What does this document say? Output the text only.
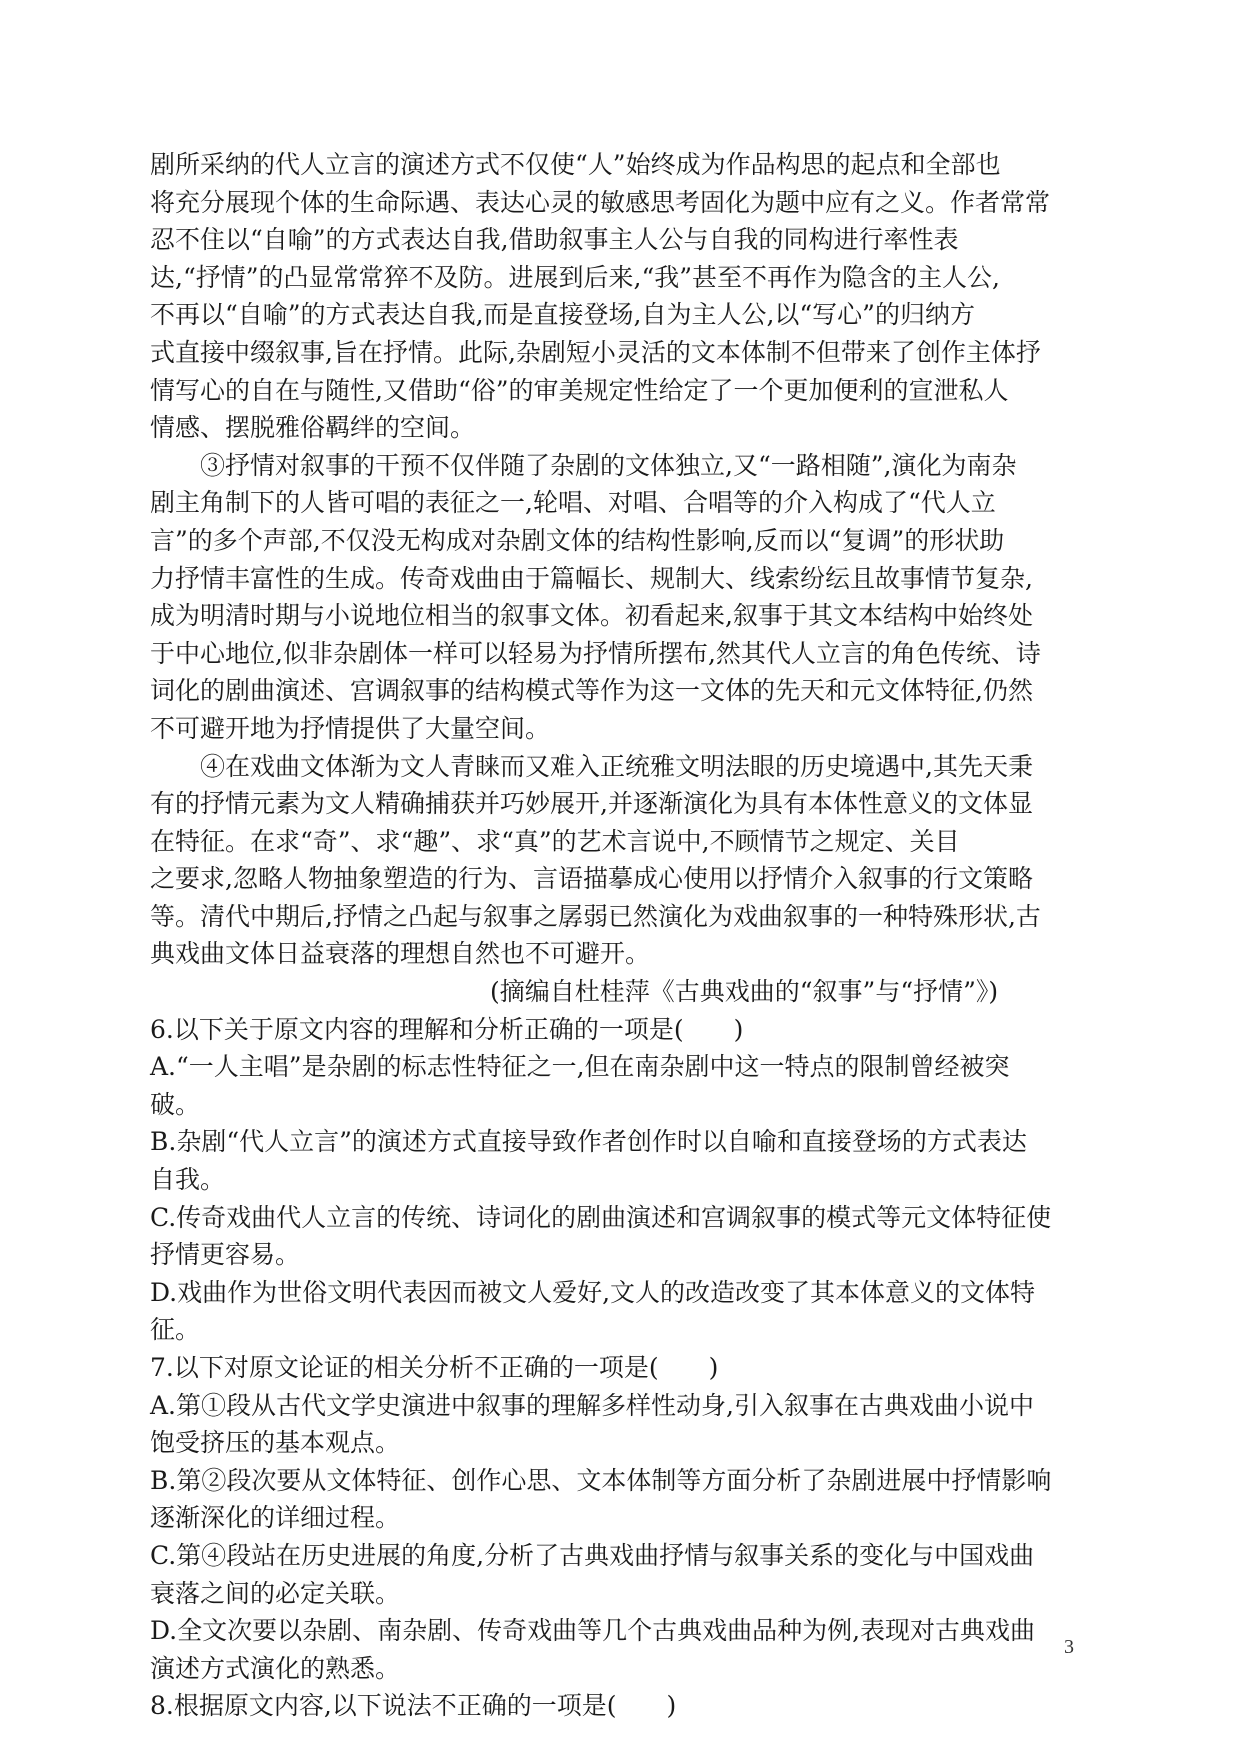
剧所采纳的代人立言的演述方式不仅使“人”始终成为作品构思的起点和全部也
将充分展现个体的生命际遇、表达心灵的敏感思考固化为题中应有之义。作者常常
忍不住以“自喻”的方式表达自我,借助叙事主人公与自我的同构进行率性表
达,“抒情”的凸显常常猝不及防。进展到后来,“我”甚至不再作为隐含的主人公,
不再以“自喻”的方式表达自我,而是直接登场,自为主人公,以“写心”的归纳方
式直接中缀叙事,旨在抒情。此际,杂剧短小灵活的文本体制不但带来了创作主体抒
情写心的自在与随性,又借助“俗”的审美规定性给定了一个更加便利的宣泄私人
情感、摆脱雅俗羁绊的空间。
③抒情对叙事的干预不仅伴随了杂剧的文体独立,又“一路相随”,演化为南杂
剧主角制下的人皆可唱的表征之一,轮唱、对唱、合唱等的介入构成了“代人立
言”的多个声部,不仅没无构成对杂剧文体的结构性影响,反而以“复调”的形状助
力抒情丰富性的生成。传奇戏曲由于篇幅长、规制大、线索纷纭且故事情节复杂,
成为明清时期与小说地位相当的叙事文体。初看起来,叙事于其文本结构中始终处
于中心地位,似非杂剧体一样可以轻易为抒情所摆布,然其代人立言的角色传统、诗
词化的剧曲演述、宫调叙事的结构模式等作为这一文体的先天和元文体特征,仍然
不可避开地为抒情提供了大量空间。
④在戏曲文体渐为文人青睐而又难入正统雅文明法眼的历史境遇中,其先天秉
有的抒情元素为文人精确捕获并巧妙展开,并逐渐演化为具有本体性意义的文体显
在特征。在求“奇”、求“趣”、求“真”的艺术言说中,不顾情节之规定、关目
之要求,忽略人物抽象塑造的行为、言语描摹成心使用以抒情介入叙事的行文策略
等。清代中期后,抒情之凸起与叙事之孱弱已然演化为戏曲叙事的一种特殊形状,古
典戏曲文体日益衰落的理想自然也不可避开。
(摘编自杜桂萍《古典戏曲的“叙事”与“抒情”》)
6.以下关于原文内容的理解和分析正确的一项是(　　)
A.“一人主唱”是杂剧的标志性特征之一,但在南杂剧中这一特点的限制曾经被突
破。
B.杂剧“代人立言”的演述方式直接导致作者创作时以自喻和直接登场的方式表达
自我。
C.传奇戏曲代人立言的传统、诗词化的剧曲演述和宫调叙事的模式等元文体特征使
抒情更容易。
D.戏曲作为世俗文明代表因而被文人爱好,文人的改造改变了其本体意义的文体特
征。
7.以下对原文论证的相关分析不正确的一项是(　　)
A.第①段从古代文学史演进中叙事的理解多样性动身,引入叙事在古典戏曲小说中
饱受挤压的基本观点。
B.第②段次要从文体特征、创作心思、文本体制等方面分析了杂剧进展中抒情影响
逐渐深化的详细过程。
C.第④段站在历史进展的角度,分析了古典戏曲抒情与叙事关系的变化与中国戏曲
衰落之间的必定关联。
D.全文次要以杂剧、南杂剧、传奇戏曲等几个古典戏曲品种为例,表现对古典戏曲
演述方式演化的熟悉。
8.根据原文内容,以下说法不正确的一项是(　　)
3
